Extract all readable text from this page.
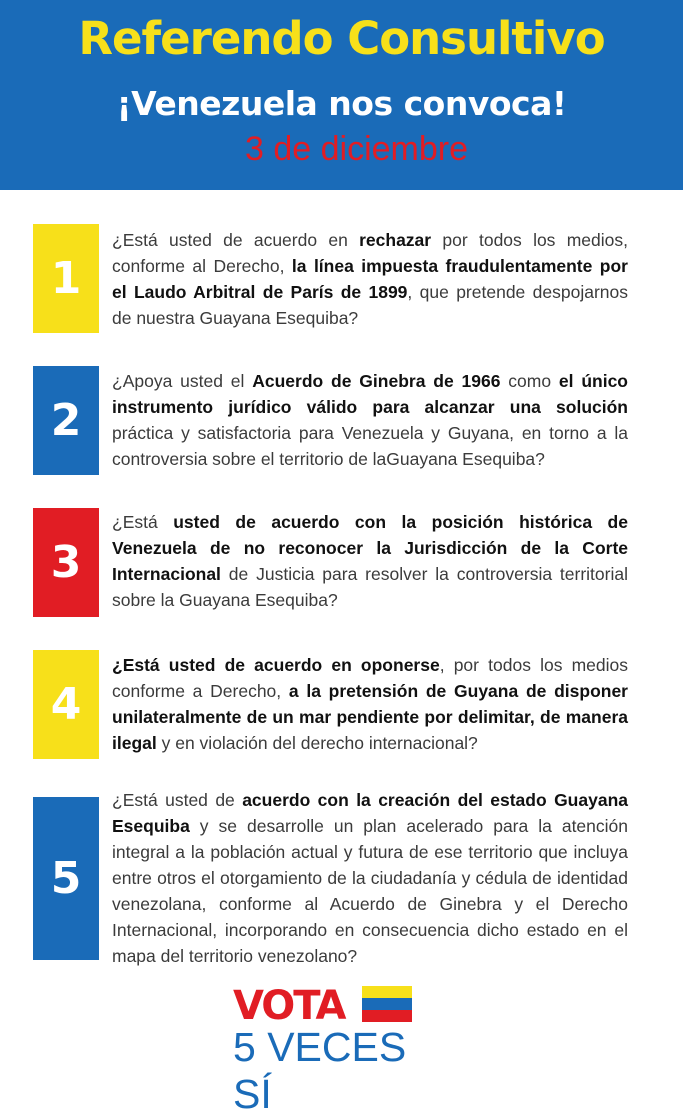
Referendo Consultivo
¡Venezuela nos convoca!
3 de diciembre
1
¿Está usted de acuerdo en rechazar por todos los medios, conforme al Derecho, la línea impuesta fraudulentamente por el Laudo Arbitral de París de 1899, que pretende despojarnos de nuestra Guayana Esequiba?
2
¿Apoya usted el Acuerdo de Ginebra de 1966 como el único instrumento jurídico válido para alcanzar una solución práctica y satisfactoria para Venezuela y Guyana, en torno a la controversia sobre el territorio de laGuayana Esequiba?
3
¿Está usted de acuerdo con la posición histórica de Venezuela de no reconocer la Jurisdicción de la Corte Internacional de Justicia para resolver la controversia territorial sobre la Guayana Esequiba?
4
¿Está usted de acuerdo en oponerse, por todos los medios conforme a Derecho, a la pretensión de Guyana de disponer unilateralmente de un mar pendiente por delimitar, de manera ilegal y en violación del derecho internacional?
5
¿Está usted de acuerdo con la creación del estado Guayana Esequiba y se desarrolle un plan acelerado para la atención integral a la población actual y futura de ese territorio que incluya entre otros el otorgamiento de la ciudadanía y cédula de identidad venezolana, conforme al Acuerdo de Ginebra y el Derecho Internacional, incorporando en consecuencia dicho estado en el mapa del territorio venezolano?
VOTA
5 VECES SÍ
